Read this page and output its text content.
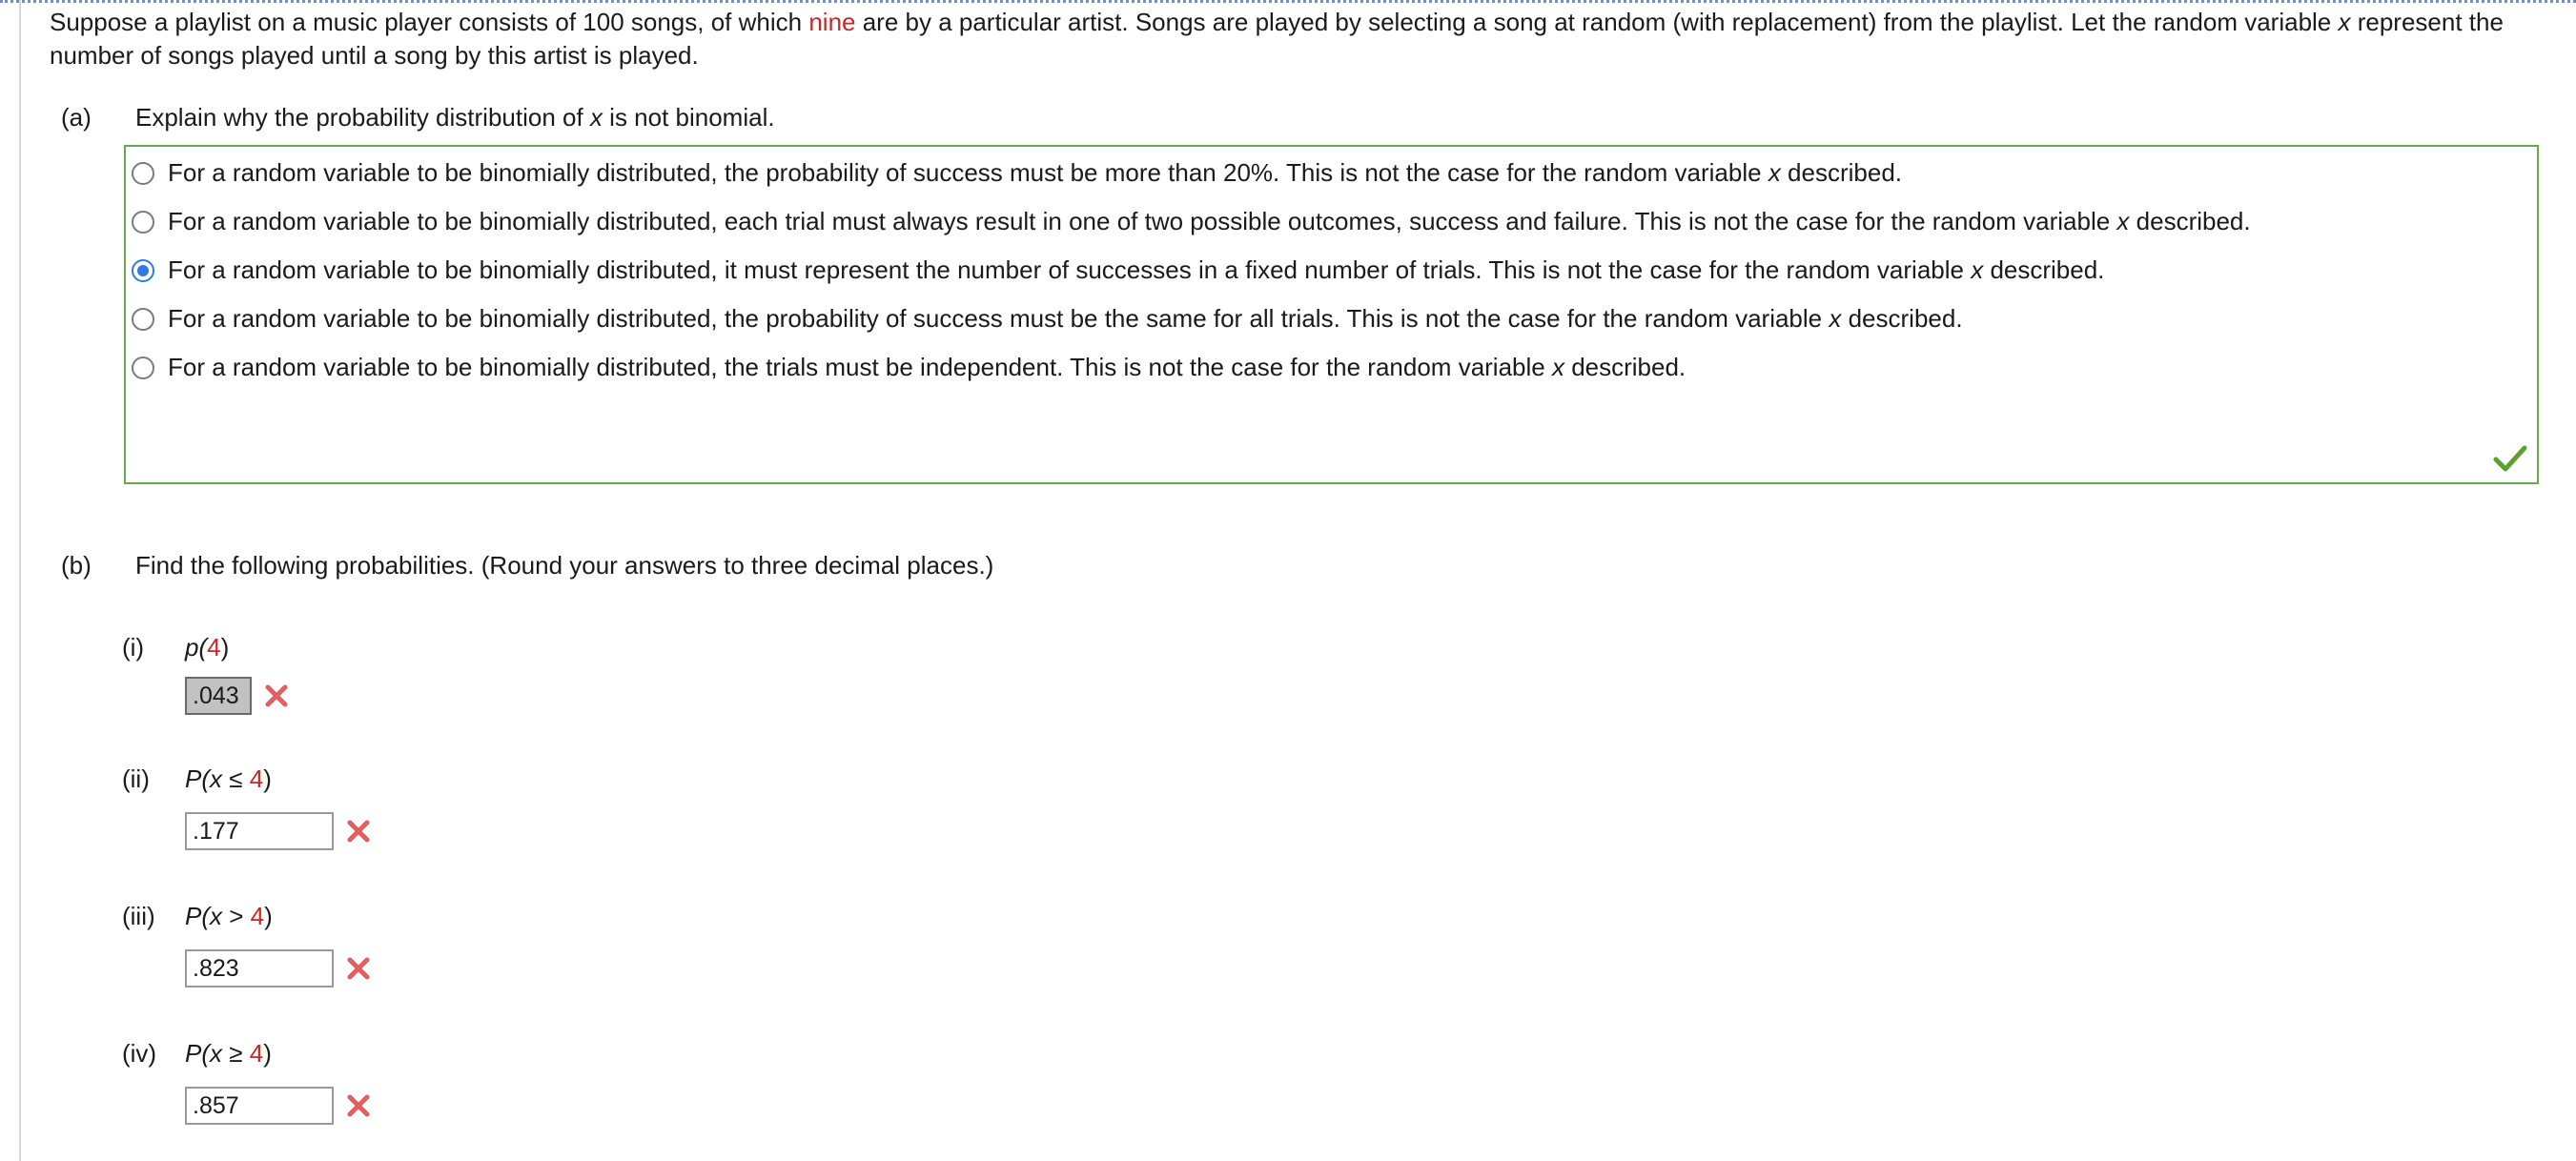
Suppose a playlist on a music player consists of 100 songs, of which nine are by a particular artist. Songs are played by selecting a song at random (with replacement) from the playlist. Let the random variable x represent the number of songs played until a song by this artist is played.

(a)	Explain why the probability distribution of x is not binomial.
For a random variable to be binomially distributed, the probability of success must be more than 20%. This is not the case for the random variable x described.
For a random variable to be binomially distributed, each trial must always result in one of two possible outcomes, success and failure. This is not the case for the random variable x described.
For a random variable to be binomially distributed, it must represent the number of successes in a fixed number of trials. This is not the case for the random variable x described.
For a random variable to be binomially distributed, the probability of success must be the same for all trials. This is not the case for the random variable x described.
For a random variable to be binomially distributed, the trials must be independent. This is not the case for the random variable x described.
(b)	Find the following probabilities. (Round your answers to three decimal places.)
(i) p(4)
.043
(ii) P(x ≤ 4)
.177
(iii) P(x > 4)
.823
(iv) P(x ≥ 4)
.857
